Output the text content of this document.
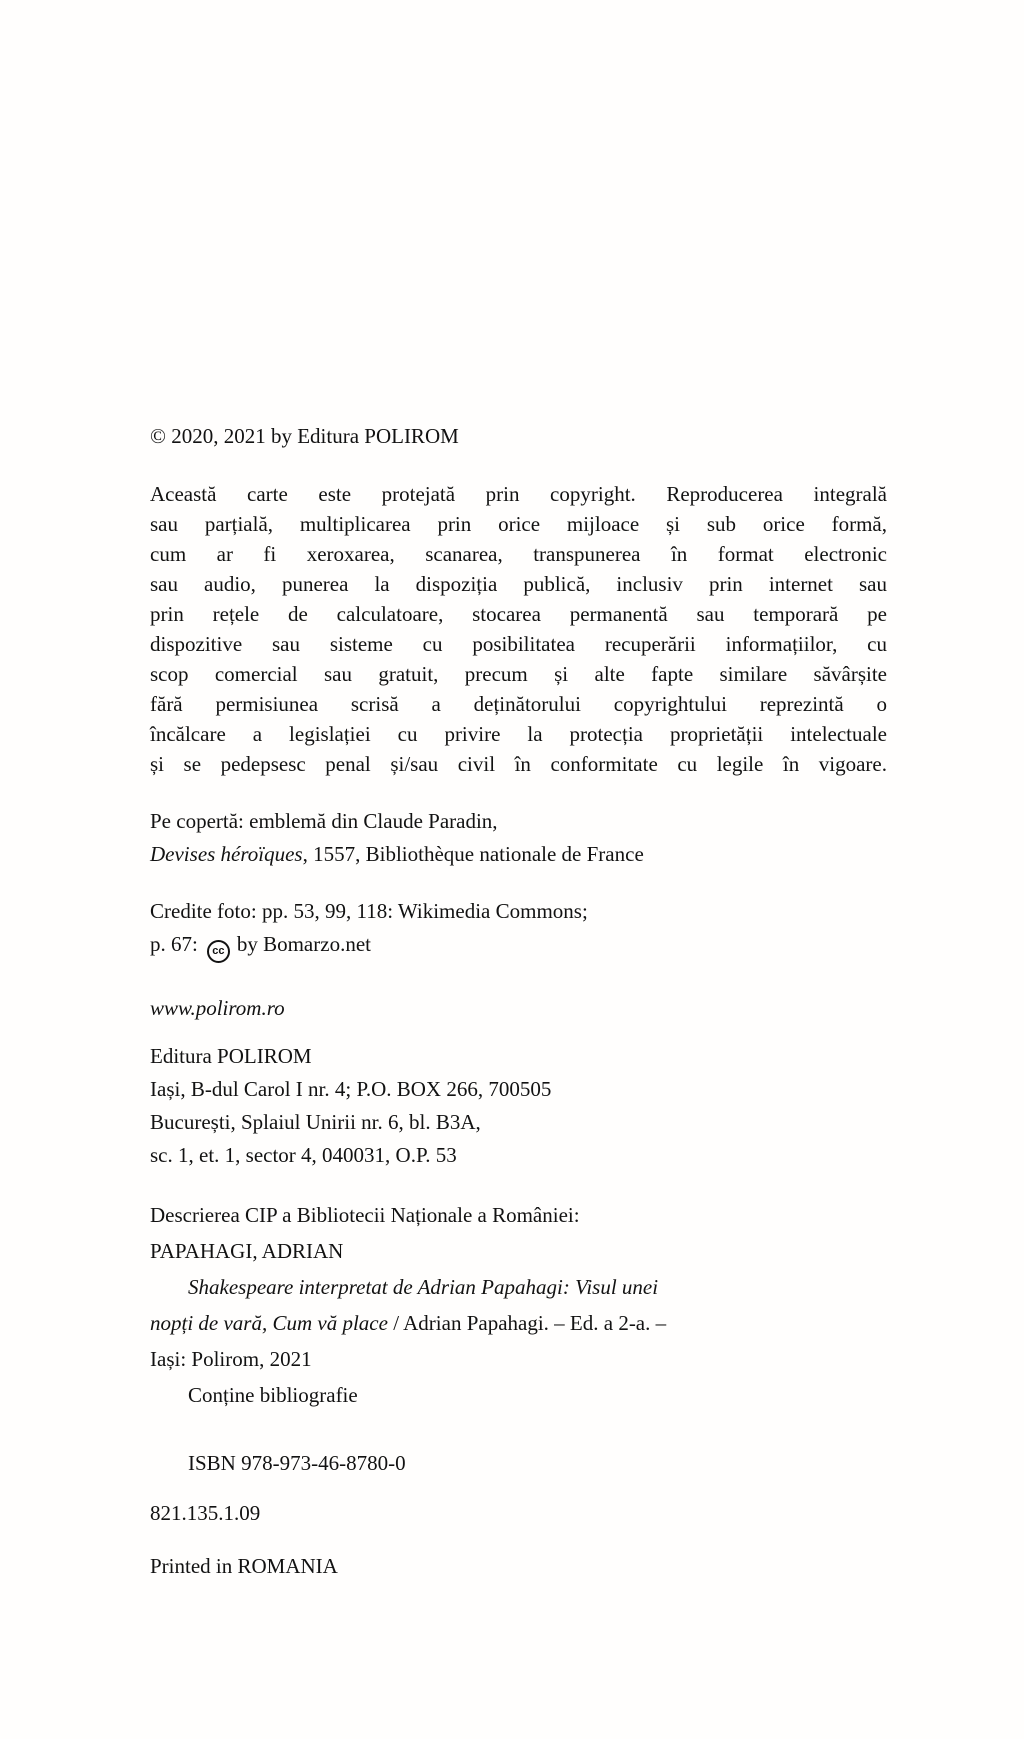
© 2020, 2021 by Editura POLIROM
Această carte este protejată prin copyright. Reproducerea integrală
sau parțială, multiplicarea prin orice mijloace și sub orice formă,
cum ar fi xeroxarea, scanarea, transpunerea în format electronic
sau audio, punerea la dispoziția publică, inclusiv prin internet sau
prin rețele de calculatoare, stocarea permanentă sau temporară pe
dispozitive sau sisteme cu posibilitatea recuperării informațiilor, cu
scop comercial sau gratuit, precum și alte fapte similare săvârșite
fără permisiunea scrisă a deținătorului copyrightului reprezintă o
încălcare a legislației cu privire la protecția proprietății intelectuale
și se pedepsesc penal și/sau civil în conformitate cu legile în vigoare.
Pe copertă: emblemă din Claude Paradin,
Devises héroïques, 1557, Bibliothèque nationale de France
Credite foto: pp. 53, 99, 118: Wikimedia Commons;
p. 67: cc by Bomarzo.net
www.polirom.ro
Editura POLIROM
Iași, B-dul Carol I nr. 4; P.O. BOX 266, 700505
București, Splaiul Unirii nr. 6, bl. B3A,
sc. 1, et. 1, sector 4, 040031, O.P. 53
Descrierea CIP a Bibliotecii Naționale a României:
PAPAHAGI, ADRIAN
Shakespeare interpretat de Adrian Papahagi: Visul unei
nopți de vară, Cum vă place / Adrian Papahagi. – Ed. a 2-a. –
Iași: Polirom, 2021
Conține bibliografie
ISBN 978-973-46-8780-0
821.135.1.09
Printed in ROMANIA
